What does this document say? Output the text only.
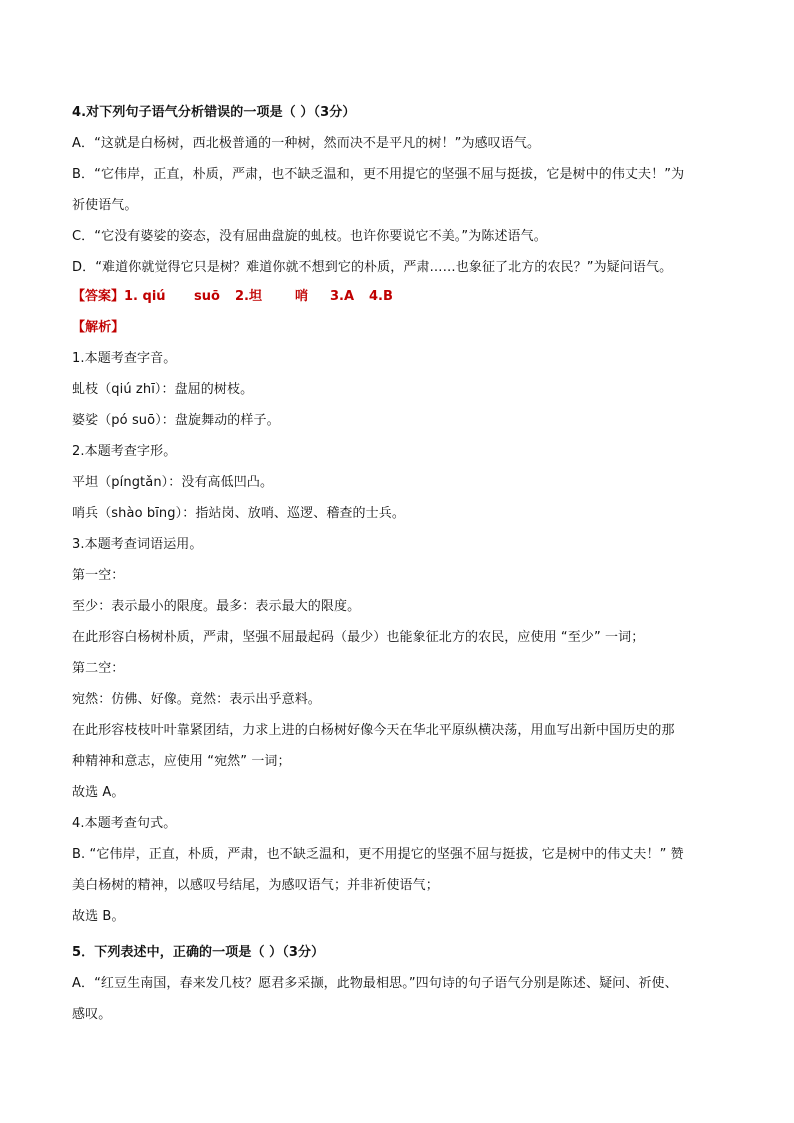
4.对下列句子语气分析错误的一项是（ ）（3分）
A．“这就是白杨树，西北极普通的一种树，然而决不是平凡的树！”为感叹语气。
B．“它伟岸，正直，朴质，严肃，也不缺乏温和，更不用提它的坚强不屈与挺拔，它是树中的伟丈夫！”为
祈使语气。
C．“它没有婆娑的姿态，没有屈曲盘旋的虬枝。也许你要说它不美。”为陈述语气。
D．“难道你就觉得它只是树？难道你就不想到它的朴质，严肃……也象征了北方的农民？”为疑问语气。
【答案】1. qiú suō 2.坦	哨 3.A 4.B
【解析】
1.本题考查字音。
虬枝（qiú zhī）：盘屈的树枝。
婆娑（pó suō）：盘旋舞动的样子。
2.本题考查字形。
平坦（píngtǎn）：没有高低凹凸。
哨兵（shào bīng）：指站岗、放哨、巡逻、稽查的士兵。
3.本题考查词语运用。
第一空：
至少：表示最小的限度。最多：表示最大的限度。
在此形容白杨树朴质，严肃，坚强不屈最起码（最少）也能象征北方的农民，应使用 “至少” 一词；
第二空：
宛然：仿佛、好像。竟然：表示出乎意料。
在此形容枝枝叶叶靠紧团结，力求上进的白杨树好像今天在华北平原纵横决荡，用血写出新中国历史的那
种精神和意志，应使用 “宛然” 一词；
故选 A。
4.本题考查句式。
B. “它伟岸，正直，朴质，严肃，也不缺乏温和，更不用提它的坚强不屈与挺拔，它是树中的伟丈夫！” 赞
美白杨树的精神，以感叹号结尾，为感叹语气；并非祈使语气；
故选 B。
5．下列表述中，正确的一项是（ ）（3分）
A．“红豆生南国，春来发几枝？愿君多采撷，此物最相思。”四句诗的句子语气分别是陈述、疑问、祈使、
感叹。
